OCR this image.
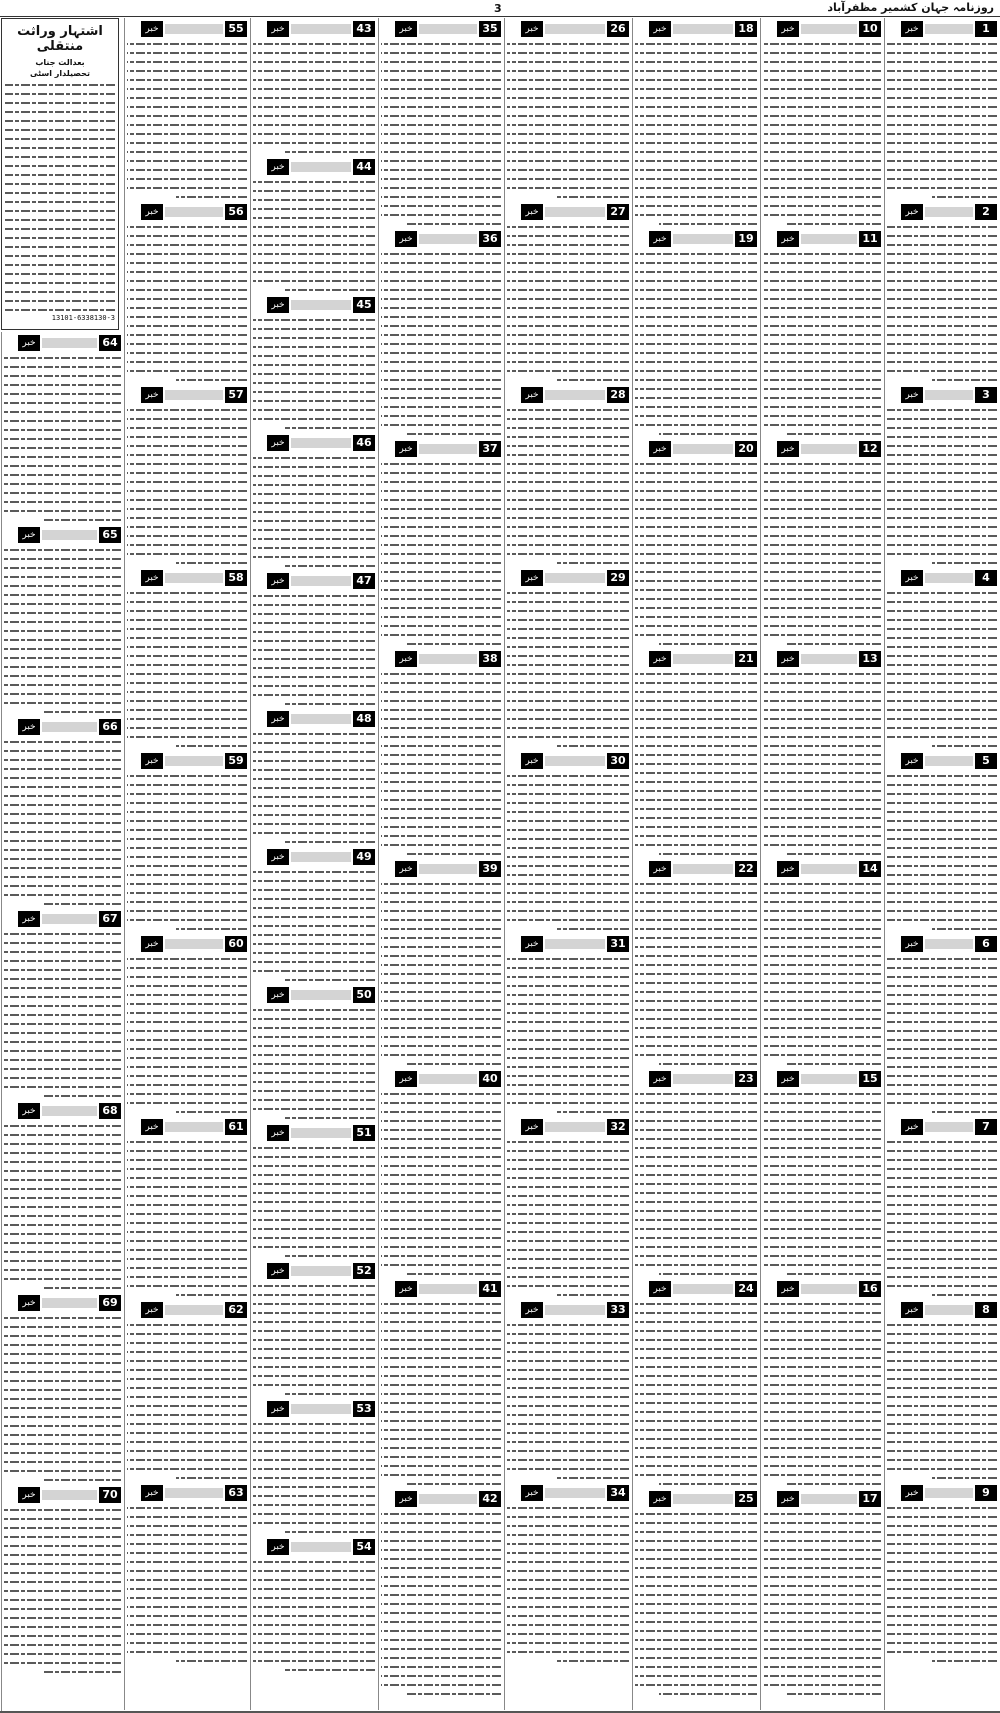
3	روزنامہ جہان کشمیر مظفرآباد
اشتہار وراثت منتقلی
بعدالت جناب
تحصیلدار اسٹی
13101-6338130-3
خبر	1
خبر	2
خبر	3
خبر	4
خبر	5
خبر	6
خبر	7
خبر	8
خبر	9
خبر	10
خبر	11
خبر	12
خبر	13
خبر	14
خبر	15
خبر	16
خبر	17
خبر	18
خبر	19
خبر	20
خبر	21
خبر	22
خبر	23
خبر	24
خبر	25
خبر	26
خبر	27
خبر	28
خبر	29
خبر	30
خبر	31
خبر	32
خبر	33
خبر	34
خبر	35
خبر	36
خبر	37
خبر	38
خبر	39
خبر	40
خبر	41
خبر	42
خبر	43
خبر	44
خبر	45
خبر	46
خبر	47
خبر	48
خبر	49
خبر	50
خبر	51
خبر	52
خبر	53
خبر	54
خبر	55
خبر	56
خبر	57
خبر	58
خبر	59
خبر	60
خبر	61
خبر	62
خبر	63
خبر	64
خبر	65
خبر	66
خبر	67
خبر	68
خبر	69
خبر	70
